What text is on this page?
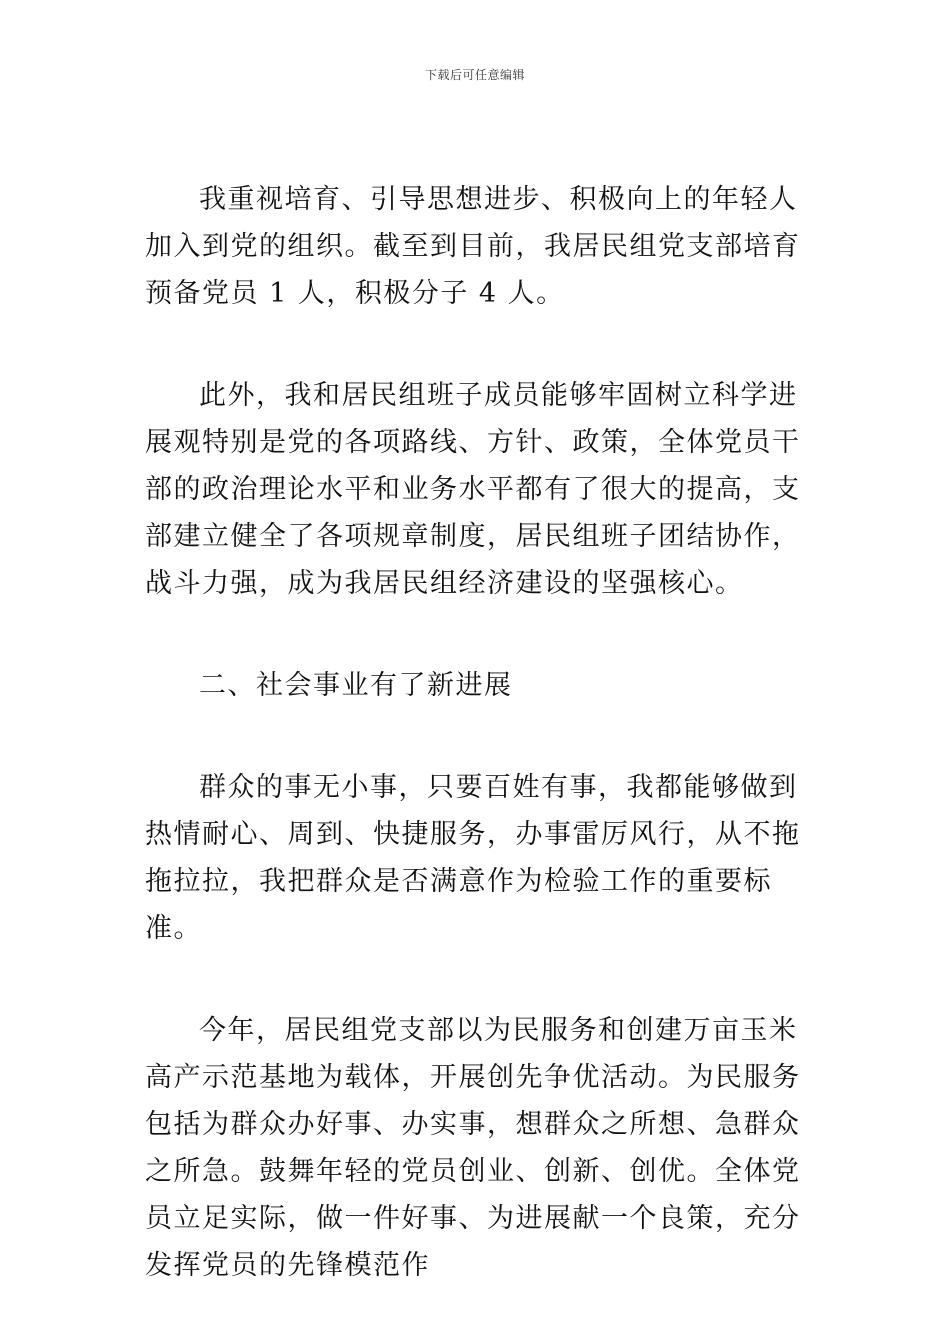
下载后可任意编辑

我重视培育、引导思想进步、积极向上的年轻人加入到党的组织。截至到目前，我居民组党支部培育预备党员 1 人，积极分子 4 人。

此外，我和居民组班子成员能够牢固树立科学进展观特别是党的各项路线、方针、政策，全体党员干部的政治理论水平和业务水平都有了很大的提高，支部建立健全了各项规章制度，居民组班子团结协作，战斗力强，成为我居民组经济建设的坚强核心。

二、社会事业有了新进展

群众的事无小事，只要百姓有事，我都能够做到热情耐心、周到、快捷服务，办事雷厉风行，从不拖拖拉拉，我把群众是否满意作为检验工作的重要标准。

今年，居民组党支部以为民服务和创建万亩玉米高产示范基地为载体，开展创先争优活动。为民服务包括为群众办好事、办实事，想群众之所想、急群众之所急。鼓舞年轻的党员创业、创新、创优。全体党员立足实际，做一件好事、为进展献一个良策，充分发挥党员的先锋模范作
